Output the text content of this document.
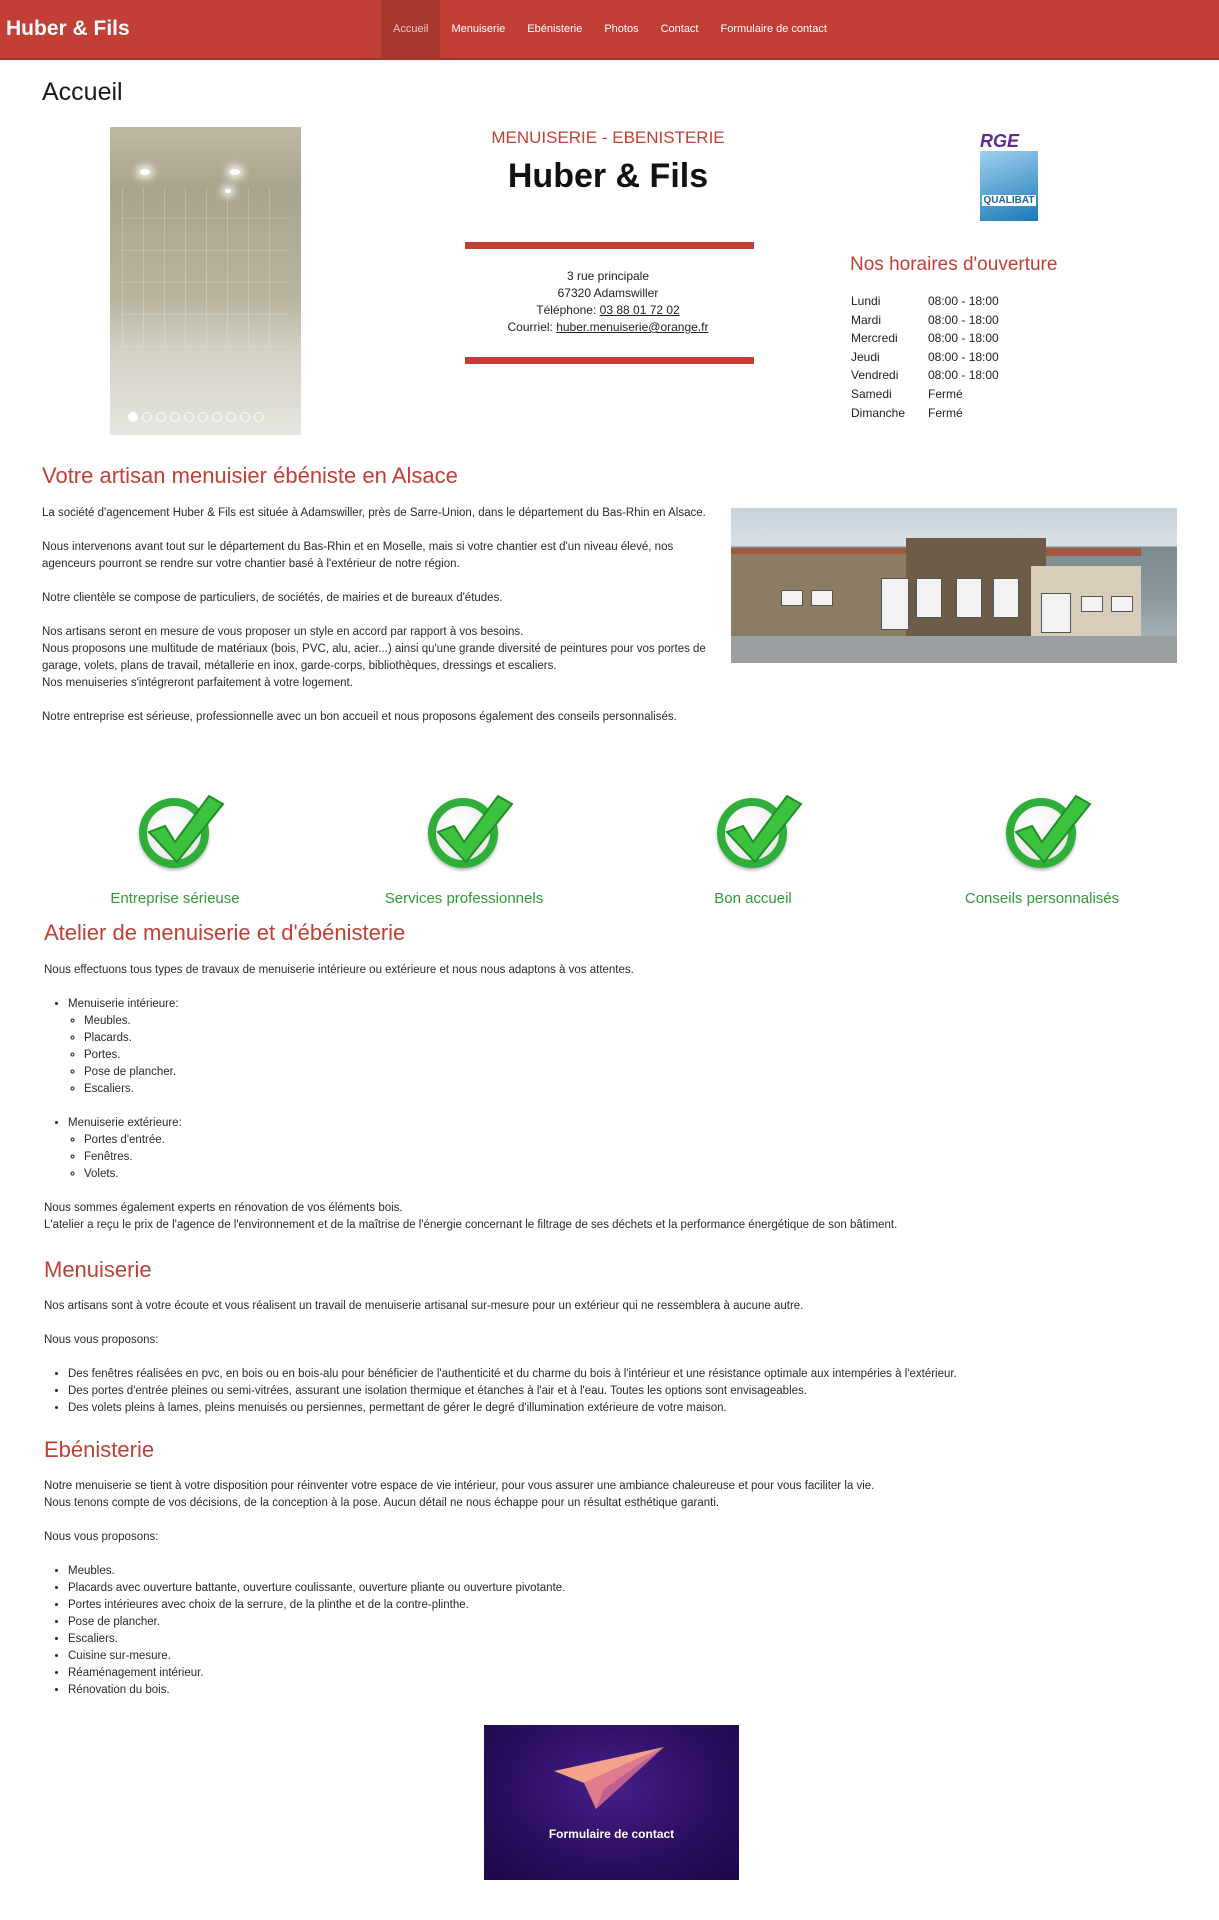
Huber & Fils	Accueil	Menuiserie	Ebénisterie	Photos	Contact	Formulaire de contact
Accueil
MENUISERIE - EBENISTERIE
Huber & Fils
3 rue principale
67320 Adamswiller
Téléphone: 03 88 01 72 02
Courriel: huber.menuiserie@orange.fr
RGE
QUALIBAT
Nos horaires d'ouverture
Lundi	08:00 - 18:00
Mardi	08:00 - 18:00
Mercredi	08:00 - 18:00
Jeudi	08:00 - 18:00
Vendredi	08:00 - 18:00
Samedi	Fermé
Dimanche	Fermé
Votre artisan menuisier ébéniste en Alsace

La société d'agencement Huber & Fils est située à Adamswiller, près de Sarre-Union, dans le département du Bas-Rhin en Alsace.

Nous intervenons avant tout sur le département du Bas-Rhin et en Moselle, mais si votre chantier est d'un niveau élevé, nos agenceurs pourront se rendre sur votre chantier basé à l'extérieur de notre région.

Notre clientèle se compose de particuliers, de sociétés, de mairies et de bureaux d'études.

Nos artisans seront en mesure de vous proposer un style en accord par rapport à vos besoins.

Nous proposons une multitude de matériaux (bois, PVC, alu, acier...) ainsi qu'une grande diversité de peintures pour vos portes de garage, volets, plans de travail, métallerie en inox, garde-corps, bibliothèques, dressings et escaliers.

Nos menuiseries s'intégreront parfaitement à votre logement.

Notre entreprise est sérieuse, professionnelle avec un bon accueil et nous proposons également des conseils personnalisés.

Entreprise sérieuse	Services professionnels	Bon accueil	Conseils personnalisés
Atelier de menuiserie et d'ébénisterie

Nous effectuons tous types de travaux de menuiserie intérieure ou extérieure et nous nous adaptons à vos attentes.

• Menuiserie intérieure:
◦ Meubles.
◦ Placards.
◦ Portes.
◦ Pose de plancher.
◦ Escaliers.
• Menuiserie extérieure:
◦ Portes d'entrée.
◦ Fenêtres.
◦ Volets.

Nous sommes également experts en rénovation de vos éléments bois.

L'atelier a reçu le prix de l'agence de l'environnement et de la maîtrise de l'énergie concernant le filtrage de ses déchets et la performance énergétique de son bâtiment.

Menuiserie

Nos artisans sont à votre écoute et vous réalisent un travail de menuiserie artisanal sur-mesure pour un extérieur qui ne ressemblera à aucune autre.

Nous vous proposons:

• Des fenêtres réalisées en pvc, en bois ou en bois-alu pour bénéficier de l'authenticité et du charme du bois à l'intérieur et une résistance optimale aux intempéries à l'extérieur.
• Des portes d'entrée pleines ou semi-vitrées, assurant une isolation thermique et étanches à l'air et à l'eau. Toutes les options sont envisageables.
• Des volets pleins à lames, pleins menuisés ou persiennes, permettant de gérer le degré d'illumination extérieure de votre maison.
Ebénisterie

Notre menuiserie se tient à votre disposition pour réinventer votre espace de vie intérieur, pour vous assurer une ambiance chaleureuse et pour vous faciliter la vie.

Nous tenons compte de vos décisions, de la conception à la pose. Aucun détail ne nous échappe pour un résultat esthétique garanti.

Nous vous proposons:

• Meubles.
• Placards avec ouverture battante, ouverture coulissante, ouverture pliante ou ouverture pivotante.
• Portes intérieures avec choix de la serrure, de la plinthe et de la contre-plinthe.
• Pose de plancher.
• Escaliers.
• Cuisine sur-mesure.
• Réaménagement intérieur.
• Rénovation du bois.
Formulaire de contact
